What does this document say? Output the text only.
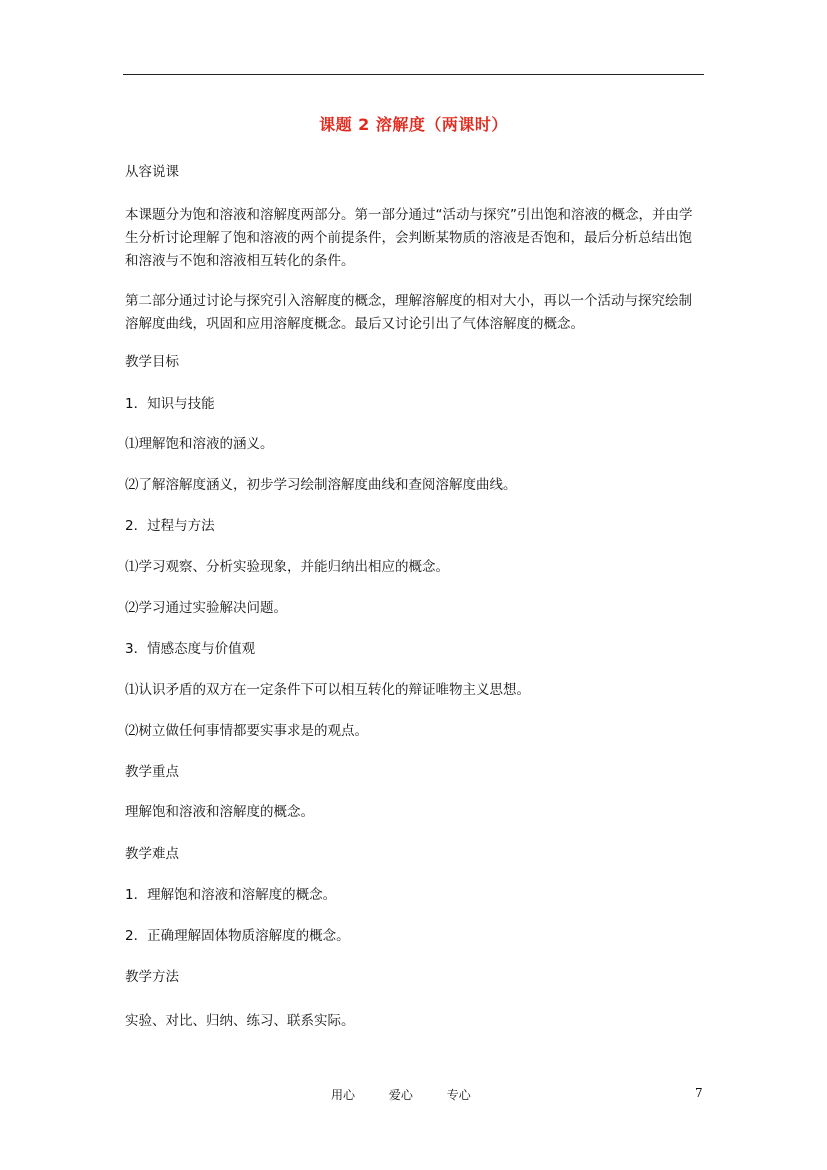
课题 2 溶解度（两课时）

从容说课

本课题分为饱和溶液和溶解度两部分。第一部分通过“活动与探究”引出饱和溶液的概念，并由学生分析讨论理解了饱和溶液的两个前提条件，会判断某物质的溶液是否饱和，最后分析总结出饱和溶液与不饱和溶液相互转化的条件。

第二部分通过讨论与探究引入溶解度的概念，理解溶解度的相对大小，再以一个活动与探究绘制溶解度曲线，巩固和应用溶解度概念。最后又讨论引出了气体溶解度的概念。

教学目标

1．知识与技能

⑴理解饱和溶液的涵义。

⑵了解溶解度涵义，初步学习绘制溶解度曲线和查阅溶解度曲线。

2．过程与方法

⑴学习观察、分析实验现象，并能归纳出相应的概念。

⑵学习通过实验解决问题。

3．情感态度与价值观

⑴认识矛盾的双方在一定条件下可以相互转化的辩证唯物主义思想。

⑵树立做任何事情都要实事求是的观点。

教学重点

理解饱和溶液和溶解度的概念。

教学难点

1．理解饱和溶液和溶解度的概念。

2．正确理解固体物质溶解度的概念。

教学方法

实验、对比、归纳、练习、联系实际。

用心	爱心	专心	7
